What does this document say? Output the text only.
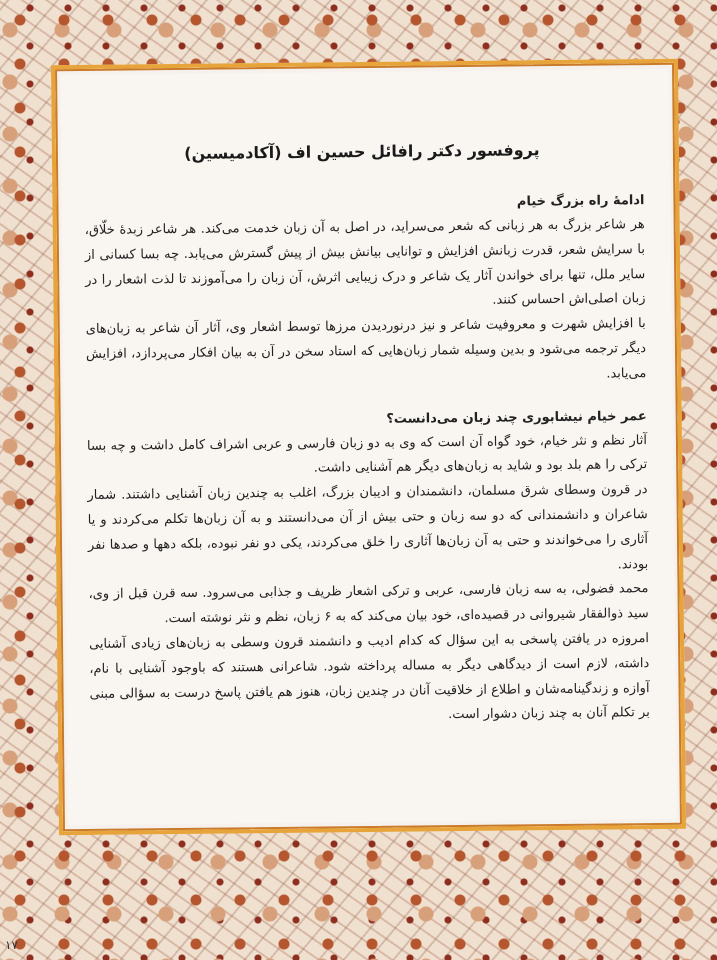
پروفسور دکتر رافائل حسین اف (آکادمیسین)
ادامهٔ راه بزرگ خیام

هر شاعر بزرگ به هر زبانی که شعر می‌سراید، در اصل به آن زبان خدمت می‌کند. هر شاعر زبدهٔ خلّاق، با سرایش شعر، قدرت زبانش افزایش و توانایی بیانش بیش از پیش گسترش می‌یابد. چه بسا کسانی از سایر ملل، تنها برای خواندن آثار یک شاعر و درک زیبایی اثرش، آن زبان را می‌آموزند تا لذت اشعار را در زبان اصلی‌اش احساس کنند.

با افزایش شهرت و معروفیت شاعر و نیز درنوردیدن مرزها توسط اشعار وی، آثار آن شاعر به زبان‌های دیگر ترجمه می‌شود و بدین وسیله شمار زبان‌هایی که استاد سخن در آن به بیان افکار می‌پردازد، افزایش می‌یابد.

عمر خیام نیشابوری چند زبان می‌دانست؟

آثار نظم و نثر خیام، خود گواه آن است که وی به دو زبان فارسی و عربی اشراف کامل داشت و چه بسا ترکی را هم بلد بود و شاید به زبان‌های دیگر هم آشنایی داشت.

در قرون وسطای شرق مسلمان، دانشمندان و ادیبان بزرگ، اغلب به چندین زبان آشنایی داشتند. شمار شاعران و دانشمندانی که دو سه زبان و حتی بیش از آن می‌دانستند و به آن زبان‌ها تکلم می‌کردند و یا آثاری را می‌خواندند و حتی به آن زبان‌ها آثاری را خلق می‌کردند، یکی دو نفر نبوده، بلکه دهها و صدها نفر بودند.

محمد فضولی، به سه زبان فارسی، عربی و ترکی اشعار ظریف و جذابی می‌سرود. سه قرن قبل از وی، سید ذوالفقار شیروانی در قصیده‌ای، خود بیان می‌کند که به ۶ زبان، نظم و نثر نوشته است.

امروزه در یافتن پاسخی به این سؤال که کدام ادیب و دانشمند قرون وسطی به زبان‌های زیادی آشنایی داشته، لازم است از دیدگاهی دیگر به مساله پرداخته شود. شاعرانی هستند که باوجود آشنایی با نام، آوازه و زندگینامه‌شان و اطلاع از خلاقیت آنان در چندین زبان، هنوز هم یافتن پاسخ درست به سؤالی مبنی بر تکلم آنان به چند زبان دشوار است.

۱۷
